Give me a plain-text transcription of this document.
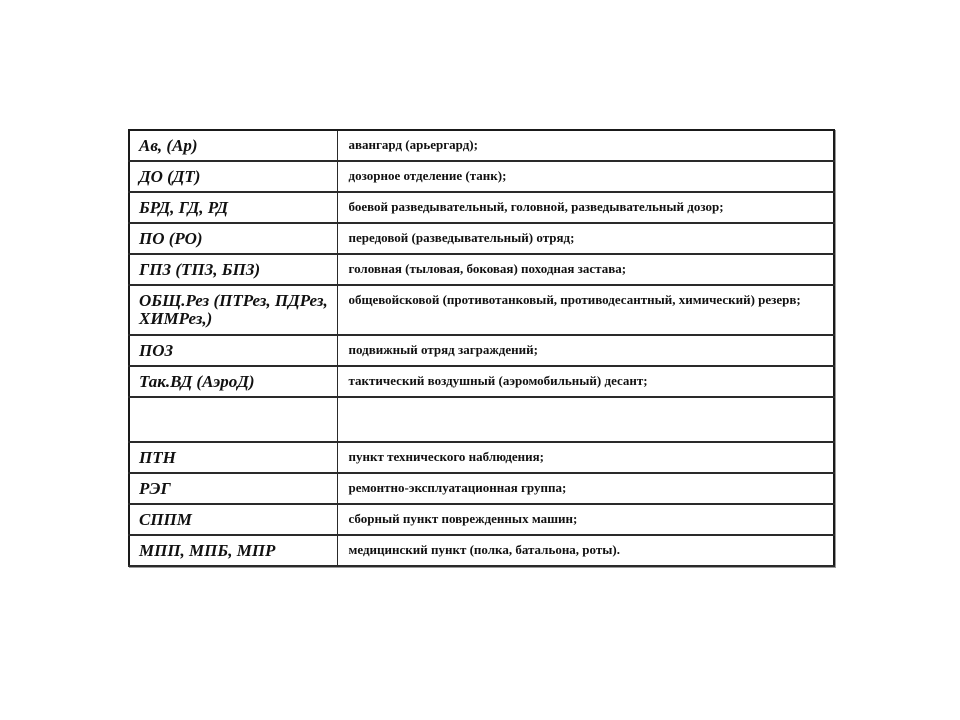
Ав, (Ар)	авангард (арьергард);
ДО (ДТ)	дозорное отделение (танк);
БРД, ГД, РД	боевой разведывательный, головной, разведывательный дозор;
ПО (РО)	передовой (разведывательный) отряд;
ГПЗ (ТПЗ, БПЗ)	головная (тыловая, боковая) походная застава;
ОБЩ.Рез (ПТРез, ПДРез, ХИМРез,)	общевойсковой (противотанковый, противодесантный, химический) резерв;
ПОЗ	подвижный отряд заграждений;
Так.ВД (АэроД)	тактический воздушный (аэромобильный) десант;

ПТН	пункт технического наблюдения;
РЭГ	ремонтно-эксплуатационная группа;
СППМ	сборный пункт поврежденных машин;
МПП, МПБ, МПР	медицинский пункт (полка, батальона, роты).
